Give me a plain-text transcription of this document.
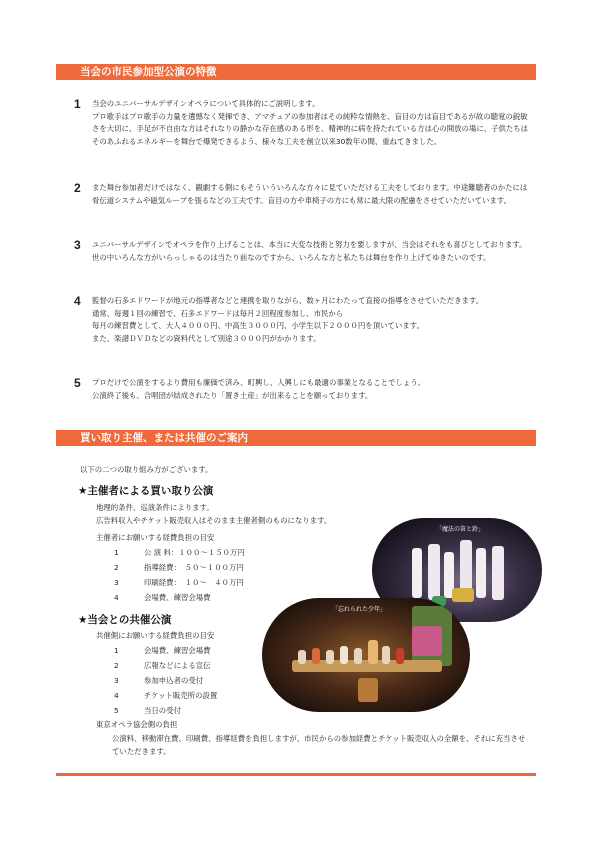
当会の市民参加型公演の特徴
1 当会のユニバーサルデザインオペラについて具体的にご説明します。
プロ歌手はプロ歌手の力量を遺憾なく発揮でき、アマチュアの参加者はその純粋な情熱を、盲目の方は盲目であるが故の聴覚の鋭敏さを大切に、手足が不自由な方はそれなりの静かな存在感のある形を、精神的に病を持たれている方は心の開放の場に、子供たちはそのあふれるエネルギーを舞台で爆発できるよう、様々な工夫を創立以来30数年の間、重ねてきました。
2 また舞台参加者だけではなく、観劇する側にもそういういろんな方々に見ていただける工夫をしております。中途難聴者のかたには骨伝道システムや磁気ループを張るなどの工夫です。盲目の方や車椅子の方にも常に最大限の配慮をさせていただいています。
3 ユニバーサルデザインでオペラを作り上げることは、本当に大変な技術と努力を要しますが、当会はそれをも喜びとしております。世の中いろんな方がいらっしゃるのは当たり前なのですから、いろんな方と私たちは舞台を作り上げてゆきたいのです。
4 監督の石多エドワードが地元の指導者などと連携を取りながら、数ヶ月にわたって直接の指導をさせていただきます。
通常、毎週１回の練習で、石多エドワードは毎月２回程度参加し、市民から
毎月の練習費として、大人４０００円、中高生３０００円、小学生以下２０００円を頂いています。
また、楽譜ＤＶＤなどの資料代として別途３０００円がかかります。
5 プロだけで公演をするより費用も廉価で済み、町興し、人興しにも最適の事業となることでしょう。
公演終了後も、合唱団が結成されたり「置き土産」が出来ることを願っております。
買い取り主催、または共催のご案内
以下の二つの取り組み方がございます。
★主催者による買い取り公演
地理的条件、巡演条件によります。
広告料収入やチケット販売収入はそのまま主催者側のものになります。
主催者にお願いする経費負担の目安
1	公 演 料：１００～１５０万円
2	指導経費：　５０～１００万円
3	印刷経費：　１０～　４０万円
4	会場費、練習会場費
★当会との共催公演
共催側にお願いする経費負担の目安
1	会場費、練習会場費
2	広報などによる宣伝
3	参加申込者の受付
4	チケット販売所の設置
5	当日の受付
東京オペラ協会側の負担
公演料、移動滞在費、印刷費、指導経費を負担しますが、市民からの参加経費とチケット販売収入の全額を、それに充当させていただきます。
「魔法の笛と鈴」
「忘れられた少年」
